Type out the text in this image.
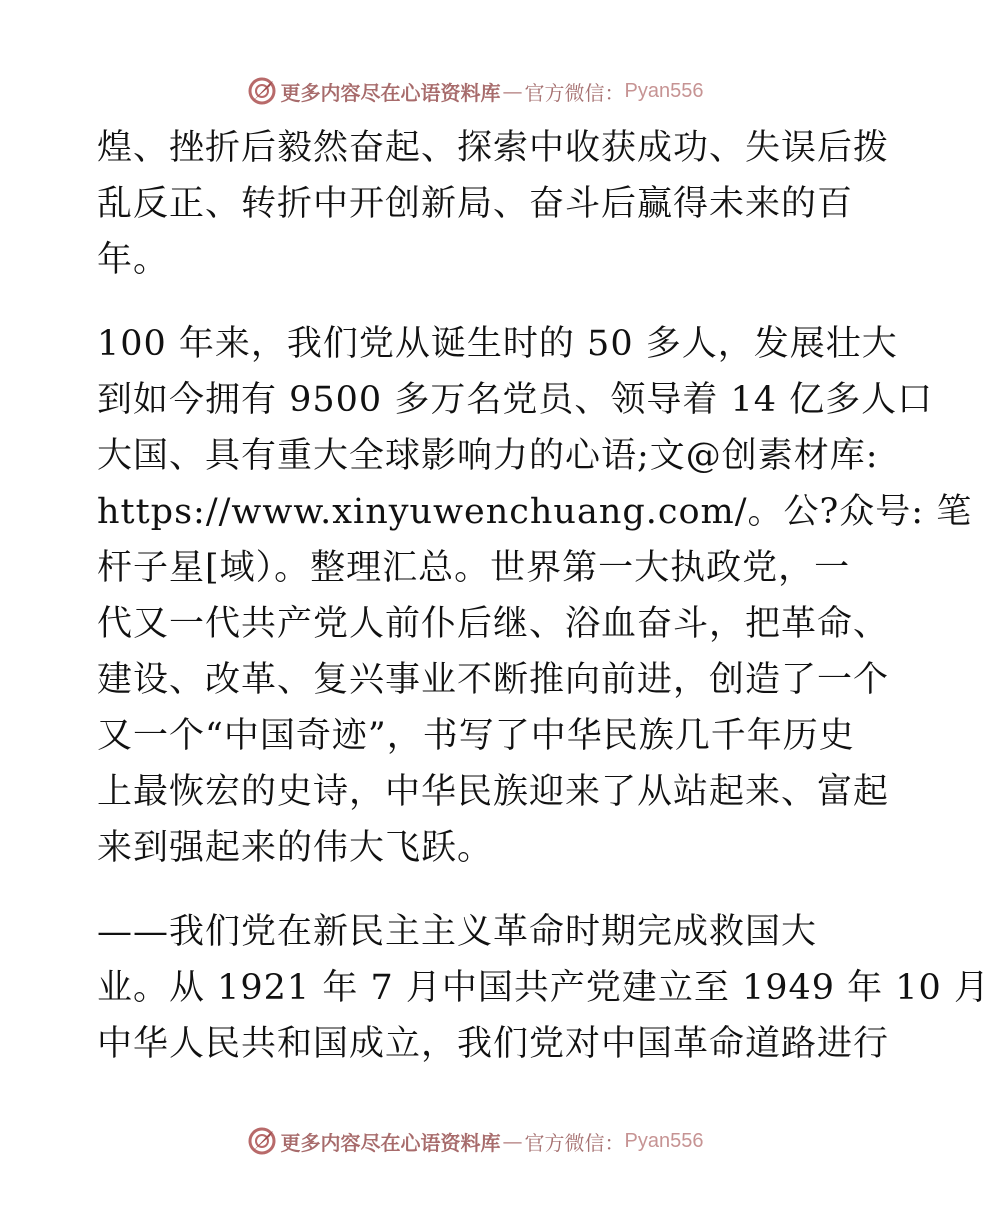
更多内容尽在心语资料库 — 官方微信： Pyan556
煌、挫折后毅然奋起、探索中收获成功、失误后拨
乱反正、转折中开创新局、奋斗后赢得未来的百
年。
100 年来，我们党从诞生时的 50 多人，发展壮大
到如今拥有 9500 多万名党员、领导着 14 亿多人口
大国、具有重大全球影响力的心语;文@创素材库:
https://www.xinyuwenchuang.com/。公?众号: 笔
杆子星[域）。整理汇总。世界第一大执政党，一
代又一代共产党人前仆后继、浴血奋斗，把革命、
建设、改革、复兴事业不断推向前进，创造了一个
又一个“中国奇迹”，书写了中华民族几千年历史
上最恢宏的史诗，中华民族迎来了从站起来、富起
来到强起来的伟大飞跃。
——我们党在新民主主义革命时期完成救国大
业。从 1921 年 7 月中国共产党建立至 1949 年 10 月
中华人民共和国成立，我们党对中国革命道路进行
更多内容尽在心语资料库 — 官方微信： Pyan556
